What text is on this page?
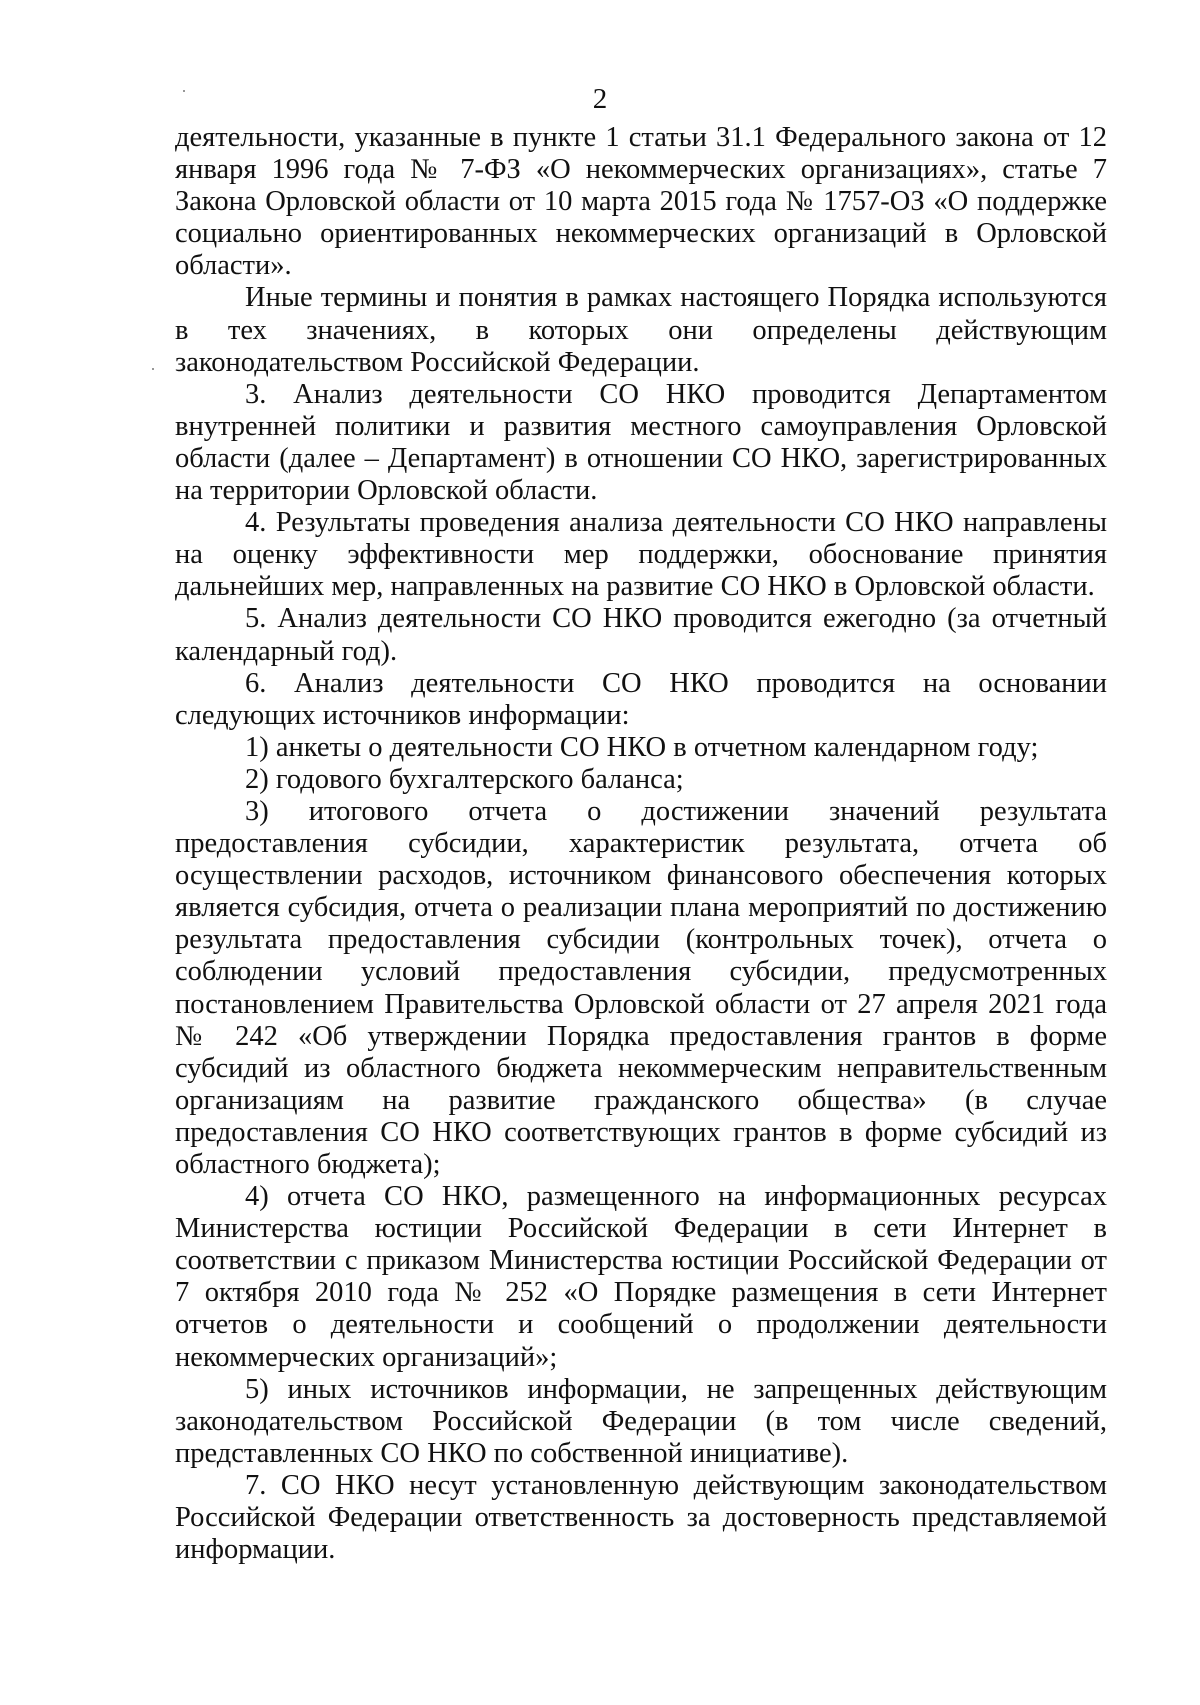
2

деятельности, указанные в пункте 1 статьи 31.1 Федерального закона от 12 января 1996 года № 7-ФЗ «О некоммерческих организациях», статье 7 Закона Орловской области от 10 марта 2015 года № 1757-ОЗ «О поддержке социально ориентированных некоммерческих организаций в Орловской области».

Иные термины и понятия в рамках настоящего Порядка используются в тех значениях, в которых они определены действующим законодательством Российской Федерации.

3. Анализ деятельности СО НКО проводится Департаментом внутренней политики и развития местного самоуправления Орловской области (далее – Департамент) в отношении СО НКО, зарегистрированных на территории Орловской области.

4. Результаты проведения анализа деятельности СО НКО направлены на оценку эффективности мер поддержки, обоснование принятия дальнейших мер, направленных на развитие СО НКО в Орловской области.

5. Анализ деятельности СО НКО проводится ежегодно (за отчетный календарный год).

6. Анализ деятельности СО НКО проводится на основании следующих источников информации:

1) анкеты о деятельности СО НКО в отчетном календарном году;

2) годового бухгалтерского баланса;

3) итогового отчета о достижении значений результата предоставления субсидии, характеристик результата, отчета об осуществлении расходов, источником финансового обеспечения которых является субсидия, отчета о реализации плана мероприятий по достижению результата предоставления субсидии (контрольных точек), отчета о соблюдении условий предоставления субсидии, предусмотренных постановлением Правительства Орловской области от 27 апреля 2021 года № 242 «Об утверждении Порядка предоставления грантов в форме субсидий из областного бюджета некоммерческим неправительственным организациям на развитие гражданского общества» (в случае предоставления СО НКО соответствующих грантов в форме субсидий из областного бюджета);

4) отчета СО НКО, размещенного на информационных ресурсах Министерства юстиции Российской Федерации в сети Интернет в соответствии с приказом Министерства юстиции Российской Федерации от 7 октября 2010 года № 252 «О Порядке размещения в сети Интернет отчетов о деятельности и сообщений о продолжении деятельности некоммерческих организаций»;

5) иных источников информации, не запрещенных действующим законодательством Российской Федерации (в том числе сведений, представленных СО НКО по собственной инициативе).

7. СО НКО несут установленную действующим законодательством Российской Федерации ответственность за достоверность представляемой информации.
